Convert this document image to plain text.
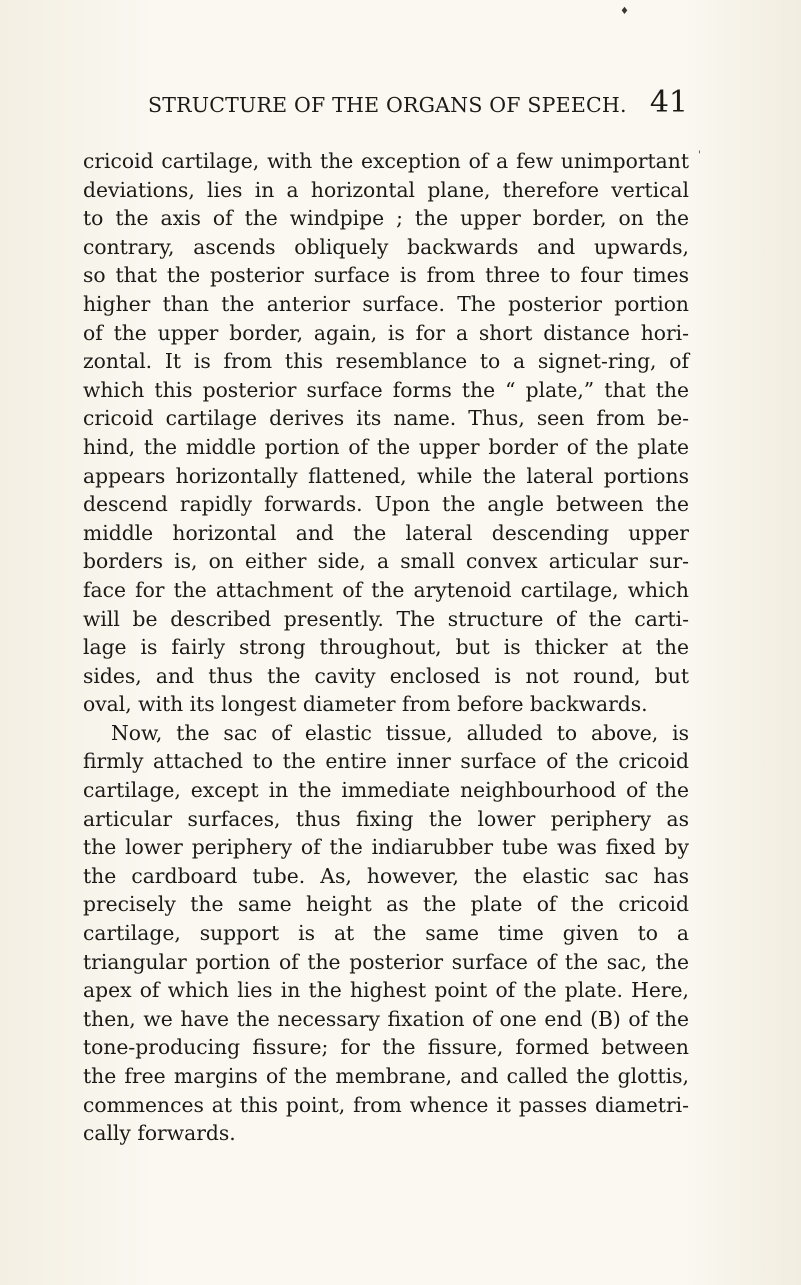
STRUCTURE OF THE ORGANS OF SPEECH. 41
♦
'
cricoid cartilage, with the exception of a few unimportant
deviations, lies in a horizontal plane, therefore vertical
to the axis of the windpipe ; the upper border, on the
contrary, ascends obliquely backwards and upwards,
so that the posterior surface is from three to four times
higher than the anterior surface. The posterior portion
of the upper border, again, is for a short distance hori-
zontal. It is from this resemblance to a signet-ring, of
which this posterior surface forms the “ plate,” that the
cricoid cartilage derives its name. Thus, seen from be-
hind, the middle portion of the upper border of the plate
appears horizontally flattened, while the lateral portions
descend rapidly forwards. Upon the angle between the
middle horizontal and the lateral descending upper
borders is, on either side, a small convex articular sur-
face for the attachment of the arytenoid cartilage, which
will be described presently. The structure of the carti-
lage is fairly strong throughout, but is thicker at the
sides, and thus the cavity enclosed is not round, but
oval, with its longest diameter from before backwards.
Now, the sac of elastic tissue, alluded to above, is
firmly attached to the entire inner surface of the cricoid
cartilage, except in the immediate neighbourhood of the
articular surfaces, thus fixing the lower periphery as
the lower periphery of the indiarubber tube was fixed by
the cardboard tube. As, however, the elastic sac has
precisely the same height as the plate of the cricoid
cartilage, support is at the same time given to a
triangular portion of the posterior surface of the sac, the
apex of which lies in the highest point of the plate. Here,
then, we have the necessary fixation of one end (B) of the
tone-producing fissure; for the fissure, formed between
the free margins of the membrane, and called the glottis,
commences at this point, from whence it passes diametri-
cally forwards.
